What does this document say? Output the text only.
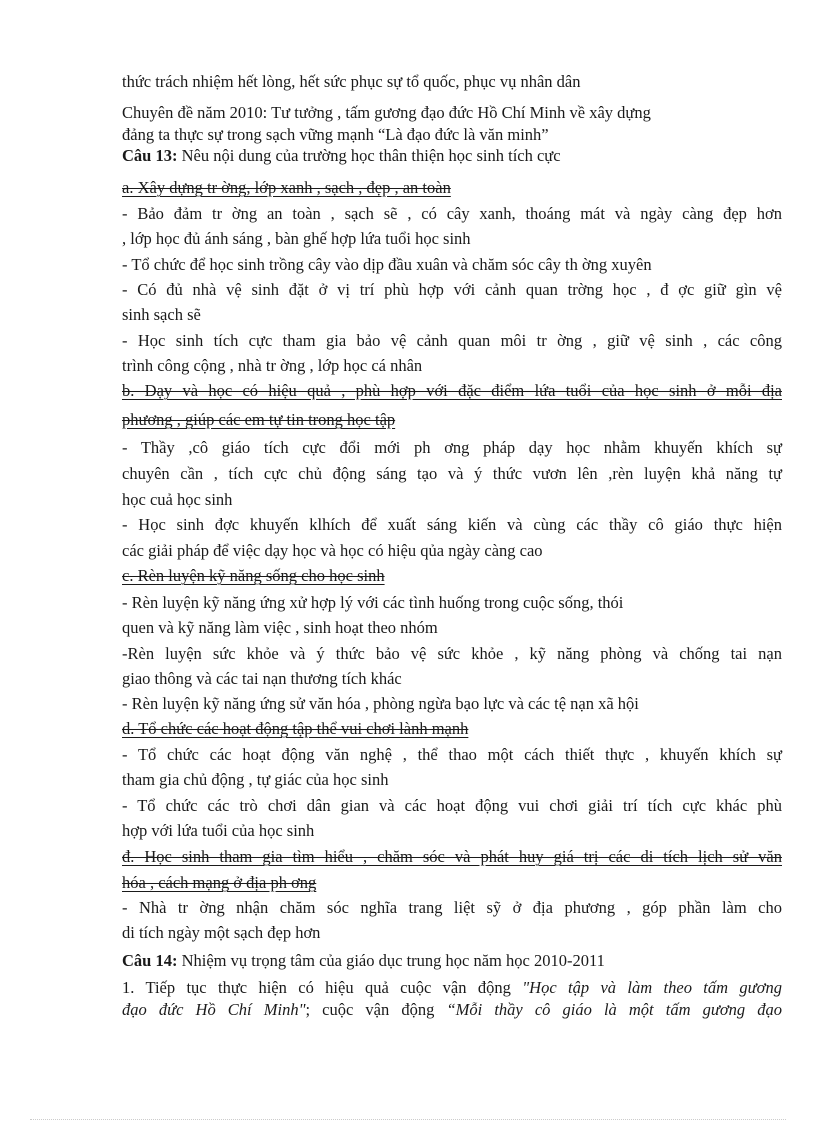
thức trách nhiệm hết lòng, hết sức phục sự tổ quốc, phục vụ nhân dân
Chuyên đề năm 2010: Tư tưởng , tấm gương đạo đức Hồ Chí Minh về xây dựng
đảng ta thực sự trong sạch vững mạnh “Là đạo đức là văn minh”
Câu 13: Nêu nội dung của trường học thân thiện học sinh tích cực
a. Xây dựng tr ờng, lớp xanh , sạch , đẹp , an toàn
- Bảo đảm tr ờng an toàn , sạch sẽ , có cây xanh, thoáng mát và ngày càng đẹp hơn
, lớp học đủ ánh sáng , bàn ghế hợp lứa tuổi học sinh
- Tổ chức để học sinh trồng cây vào dịp đầu xuân và chăm sóc cây th ờng xuyên
- Có đủ nhà vệ sinh đặt ở vị trí phù hợp với cảnh quan trờng học , đ ợc giữ gìn vệ
sinh sạch sẽ
- Học sinh tích cực tham gia bảo vệ cảnh quan môi tr ờng , giữ vệ sinh , các công
trình công cộng , nhà tr ờng , lớp học cá nhân
b. Dạy và học có hiệu quả , phù hợp với đặc điểm lứa tuổi của học sinh ở mỗi địa
phương , giúp các em tự tin trong học tập
- Thầy ,cô giáo tích cực đổi mới ph ơng pháp dạy học nhằm khuyến khích sự
chuyên cần , tích cực chủ động sáng tạo và ý thức vươn lên ,rèn luyện khả năng tự
học cuả học sinh
- Học sinh đợc khuyến klhích để xuất sáng kiến và cùng các thầy cô giáo thực hiện
các giải pháp để việc dạy học và học có hiệu qủa ngày càng cao
c. Rèn luyện kỹ năng sống cho học sinh
- Rèn luyện kỹ năng ứng xử hợp lý với các tình huống trong cuộc sống, thói
quen và kỹ năng làm việc , sinh hoạt theo nhóm
-Rèn luyện sức khỏe và ý thức bảo vệ sức khỏe , kỹ năng phòng và chống tai nạn
giao thông và các tai nạn thương tích khác
- Rèn luyện kỹ năng ứng sử văn hóa , phòng ngừa bạo lực và các tệ nạn xã hội
d. Tổ chức các hoạt động tập thể vui chơi lành mạnh
- Tổ chức các hoạt động văn nghệ , thể thao một cách thiết thực , khuyến khích sự
tham gia chủ động , tự giác của học sinh
- Tổ chức các trò chơi dân gian và các hoạt động vui chơi giải trí tích cực khác phù
hợp với lứa tuổi của học sinh
đ. Học sinh tham gia tìm hiểu , chăm sóc và phát huy giá trị các di tích lịch sử văn
hóa , cách mạng ở địa ph ơng
- Nhà tr ờng nhận chăm sóc nghĩa trang liệt sỹ ở địa phương , góp phần làm cho
di tích ngày một sạch đẹp hơn
Câu 14: Nhiệm vụ trọng tâm của giáo dục trung học năm học 2010-2011
1. Tiếp tục thực hiện có hiệu quả cuộc vận động "Học tập và làm theo tấm gương
đạo đức Hồ Chí Minh"; cuộc vận động “Mỗi thầy cô giáo là một tấm gương đạo
